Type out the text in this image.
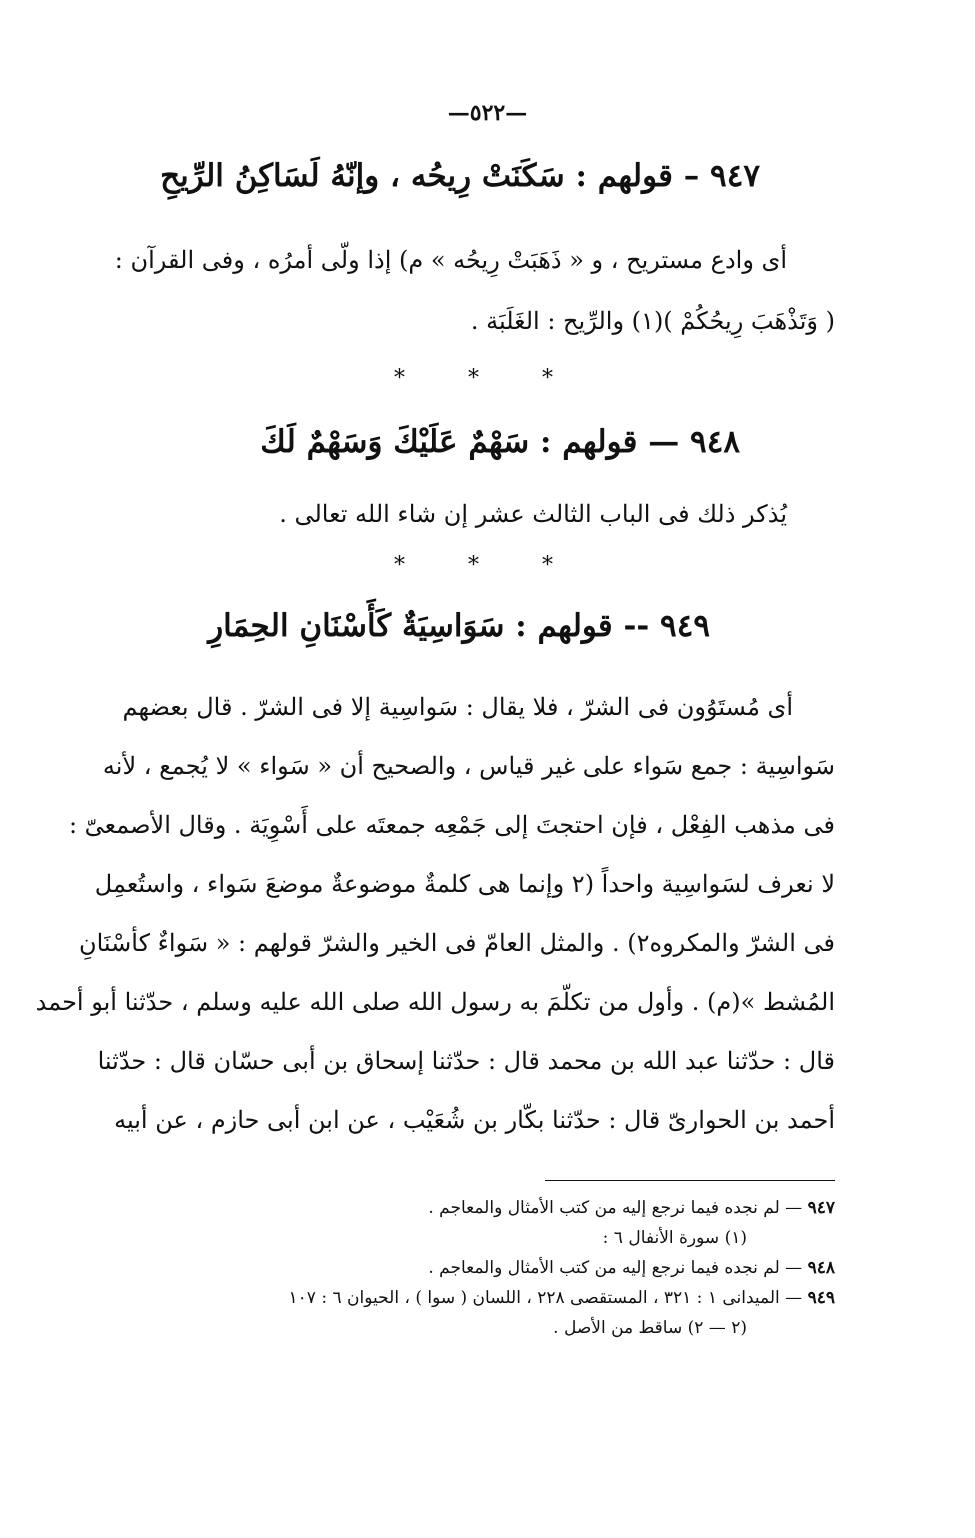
—٥٢٢—
٩٤٧ – قولهم : سَكَنَتْ رِيحُه ، وإنّهُ لَسَاكِنُ الرِّيحِ
أى وادع مستريح ، و « ذَهَبَتْ رِيحُه » م) إذا ولّى أمرُه ، وفى القرآن :
( وَتَذْهَبَ رِيحُكُمْ )(١) والرِّيح : الغَلَبَة .
* * *
٩٤٨ — قولهم : سَهْمٌ عَلَيْكَ وَسَهْمٌ لَكَ
يُذكر ذلك فى الباب الثالث عشر إن شاء الله تعالى .
* * *
٩٤٩ -- قولهم : سَوَاسِيَةٌ كَأَسْنَانِ الحِمَارِ
أى مُستَوُون فى الشرّ ، فلا يقال : سَواسِية إلا فى الشرّ . قال بعضهم
سَواسِية : جمع سَواء على غير قياس ، والصحيح أن « سَواء » لا يُجمع ، لأنه
فى مذهب الفِعْل ، فإن احتجتَ إلى جَمْعِه جمعتَه على أَسْوِيَة . وقال الأصمعىّ :
لا نعرف لسَواسِية واحداً (٢ وإنما هى كلمةٌ موضوعةٌ موضعَ سَواء ، واستُعمِل
فى الشرّ والمكروه٢) . والمثل العامّ فى الخير والشرّ قولهم : « سَواءٌ كأسْنَانِ
المُشط »(م) . وأول من تكلّمَ به رسول الله صلى الله عليه وسلم ، حدّثنا أبو أحمد
قال : حدّثنا عبد الله بن محمد قال : حدّثنا إسحاق بن أبى حسّان قال : حدّثنا
أحمد بن الحوارىّ قال : حدّثنا بكّار بن شُعَيْب ، عن ابن أبى حازم ، عن أبيه
٩٤٧ — لم نجده فيما نرجع إليه من كتب الأمثال والمعاجم .
(١) سورة الأنفال ٦ :
٩٤٨ — لم نجده فيما نرجع إليه من كتب الأمثال والمعاجم .
٩٤٩ — الميدانى ١ : ٣٢١ ، المستقصى ٢٢٨ ، اللسان ( سوا ) ، الحيوان ٦ : ١٠٧
(٢ — ٢) ساقط من الأصل .
